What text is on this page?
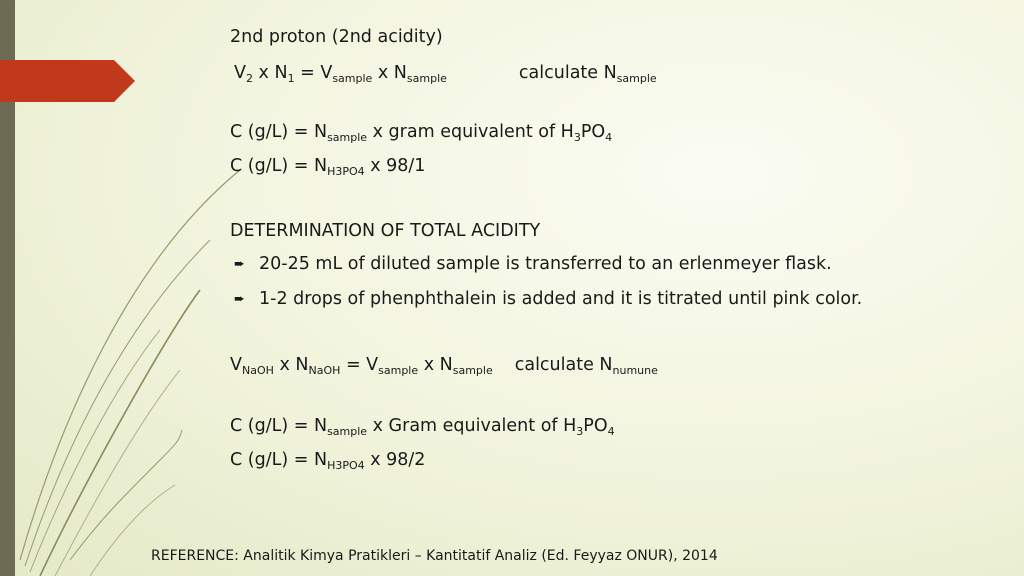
2nd proton (2nd acidity)
$V_2$ x $N_1 = V_{sample}$ x $N_{sample}$	calculate $N_{sample}$
C $(g/L) = N_{sample}$ x gram equivalent of $H_3PO_4$
C $(g/L) = N_{H3PO4}$ x 98/1
DETERMINATION OF TOTAL ACIDITY
➨ 20-25 mL of diluted sample is transferred to an erlenmeyer flask.
➨ 1-2 drops of phenphthalein is added and it is titrated until pink color.
$V_{NaOH}$ x $N_{NaOH} = V_{sample}$ x $N_{sample}$ calculate $N_{numune}$
C $(g/L) = N_{sample}$ x Gram equivalent of $H_3PO_4$
C $(g/L) = N_{H3PO4}$ x 98/2
REFERENCE: Analitik Kimya Pratikleri – Kantitatif Analiz (Ed. Feyyaz ONUR), 2014
